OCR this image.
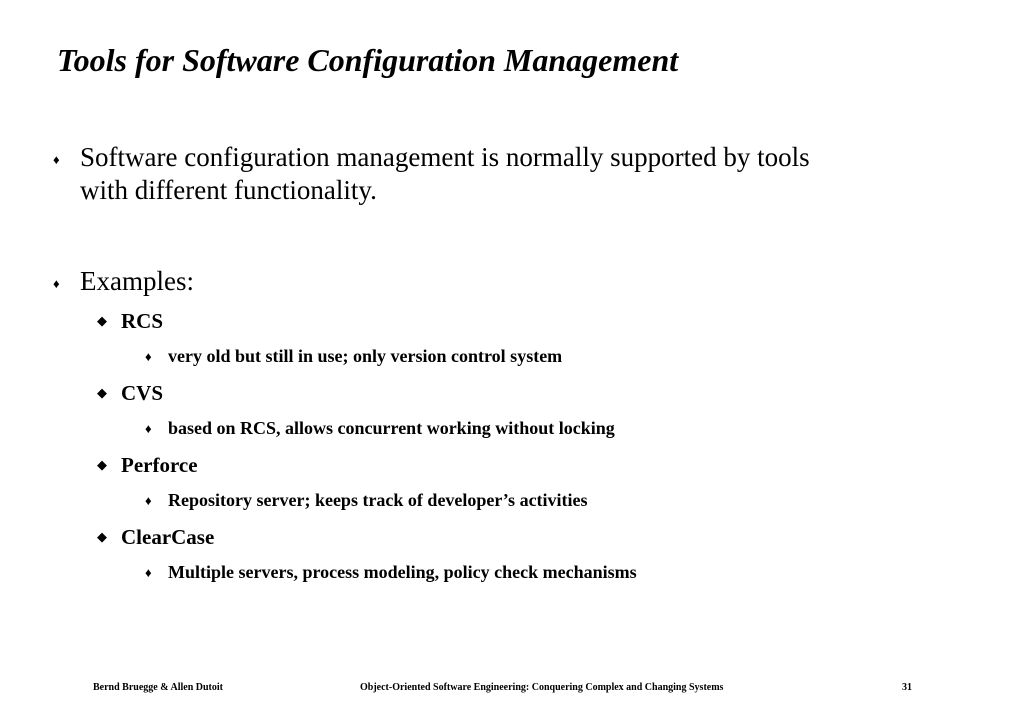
Tools for Software Configuration Management
♦ Software configuration management is normally supported by tools
with different functionality.
♦ Examples:
◆ RCS
♦ very old but still in use; only version control system
◆ CVS
♦ based on RCS, allows concurrent working without locking
◆ Perforce
♦ Repository server; keeps track of developer’s activities
◆ ClearCase
♦ Multiple servers, process modeling, policy check mechanisms
Bernd Bruegge & Allen Dutoit	Object-Oriented Software Engineering: Conquering Complex and Changing Systems	31
